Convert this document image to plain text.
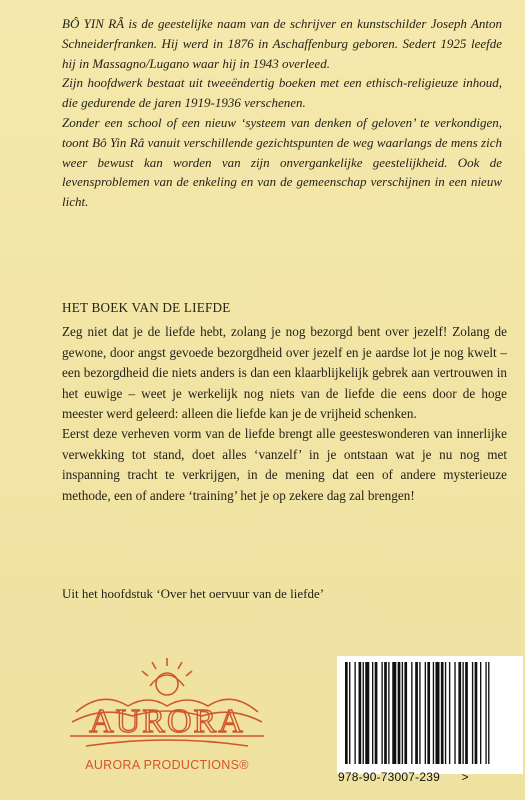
BÔ YIN RÂ is de geestelijke naam van de schrijver en kunstschilder Joseph Anton Schneiderfranken. Hij werd in 1876 in Aschaffenburg geboren. Sedert 1925 leefde hij in Massagno/Lugano waar hij in 1943 overleed.

Zijn hoofdwerk bestaat uit tweeëndertig boeken met een ethisch-religieuze inhoud, die gedurende de jaren 1919-1936 verschenen.

Zonder een school of een nieuw ‘systeem van denken of geloven’ te verkondigen, toont Bô Yin Râ vanuit verschillende gezichtspunten de weg waarlangs de mens zich weer bewust kan worden van zijn onvergankelijke geestelijkheid. Ook de levensproblemen van de enkeling en van de gemeenschap verschijnen in een nieuw licht.

HET BOEK VAN DE LIEFDE

Zeg niet dat je de liefde hebt, zolang je nog bezorgd bent over jezelf! Zolang de gewone, door angst gevoede bezorgdheid over jezelf en je aardse lot je nog kwelt – een bezorgdheid die niets anders is dan een klaarblijkelijk gebrek aan vertrouwen in het euwige – weet je werkelijk nog niets van de liefde die eens door de hoge meester werd geleerd: alleen die liefde kan je de vrijheid schenken.

Eerst deze verheven vorm van de liefde brengt alle geesteswonderen van innerlijke verwekking tot stand, doet alles ‘vanzelf’ in je ontstaan wat je nu nog met inspanning tracht te verkrijgen, in de mening dat een of andere mysterieuze methode, een of andere ‘training’ het je op zekere dag zal brengen!

Uit het hoofdstuk ‘Over het oervuur van de liefde’
AURORA
AURORA PRODUCTIONS®
978-90-73007-239 >
